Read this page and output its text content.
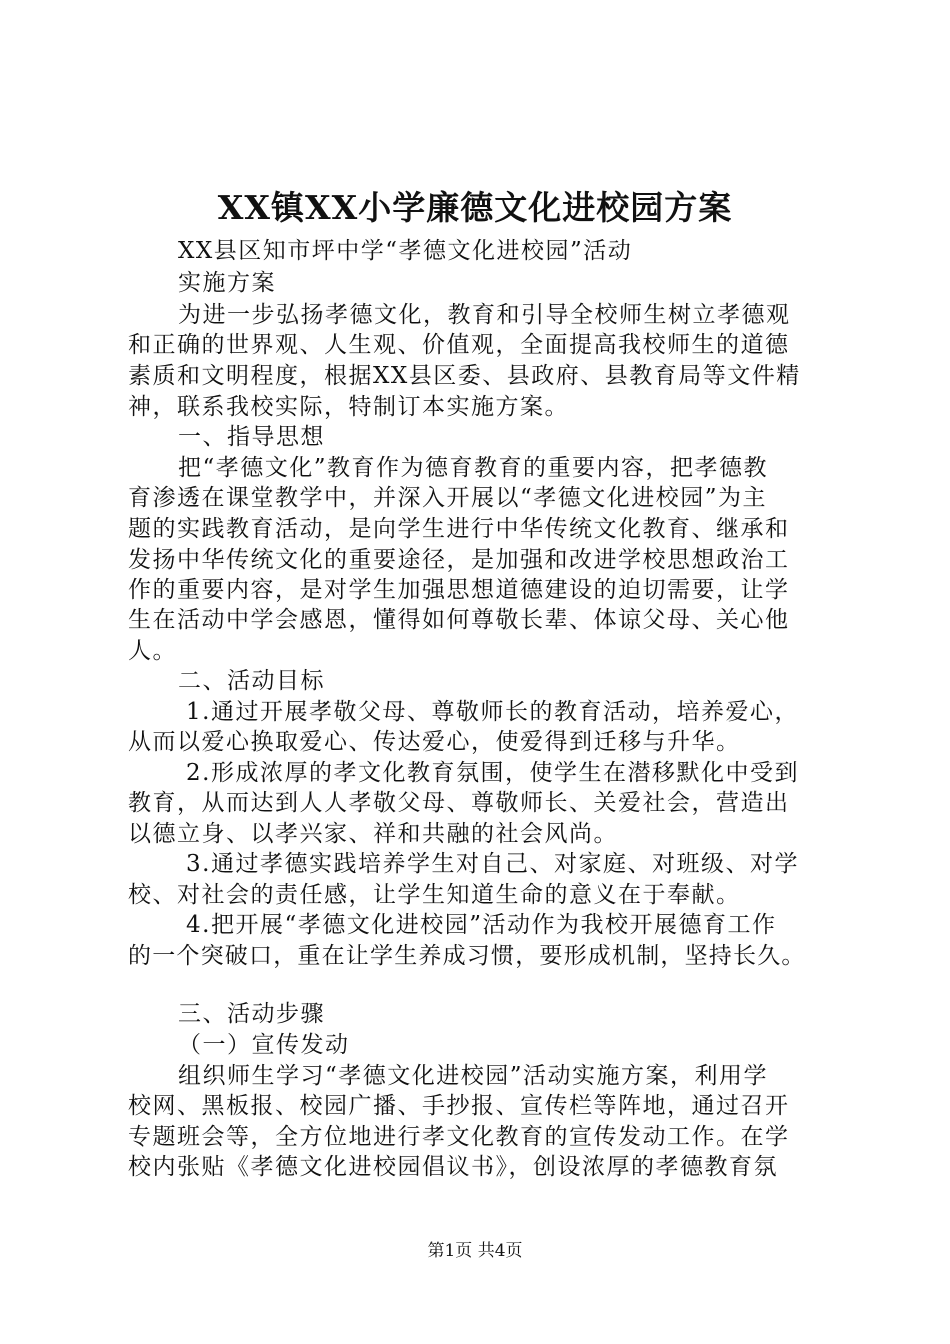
XX镇XX小学廉德文化进校园方案
XX县区知市坪中学“孝德文化进校园”活动
实施方案
为进一步弘扬孝德文化，教育和引导全校师生树立孝德观
和正确的世界观、人生观、价值观，全面提高我校师生的道德
素质和文明程度，根据XX县区委、县政府、县教育局等文件精
神，联系我校实际，特制订本实施方案。
一、指导思想
把“孝德文化”教育作为德育教育的重要内容，把孝德教
育渗透在课堂教学中，并深入开展以“孝德文化进校园”为主
题的实践教育活动，是向学生进行中华传统文化教育、继承和
发扬中华传统文化的重要途径，是加强和改进学校思想政治工
作的重要内容，是对学生加强思想道德建设的迫切需要，让学
生在活动中学会感恩，懂得如何尊敬长辈、体谅父母、关心他
人。
二、活动目标
1.通过开展孝敬父母、尊敬师长的教育活动，培养爱心，
从而以爱心换取爱心、传达爱心，使爱得到迁移与升华。
2.形成浓厚的孝文化教育氛围，使学生在潜移默化中受到
教育，从而达到人人孝敬父母、尊敬师长、关爱社会，营造出
以德立身、以孝兴家、祥和共融的社会风尚。
3.通过孝德实践培养学生对自己、对家庭、对班级、对学
校、对社会的责任感，让学生知道生命的意义在于奉献。
4.把开展“孝德文化进校园”活动作为我校开展德育工作
的一个突破口，重在让学生养成习惯，要形成机制，坚持长久。
三、活动步骤
（一）宣传发动
组织师生学习“孝德文化进校园”活动实施方案，利用学
校网、黑板报、校园广播、手抄报、宣传栏等阵地，通过召开
专题班会等，全方位地进行孝文化教育的宣传发动工作。在学
校内张贴《孝德文化进校园倡议书》，创设浓厚的孝德教育氛
第1页 共4页
